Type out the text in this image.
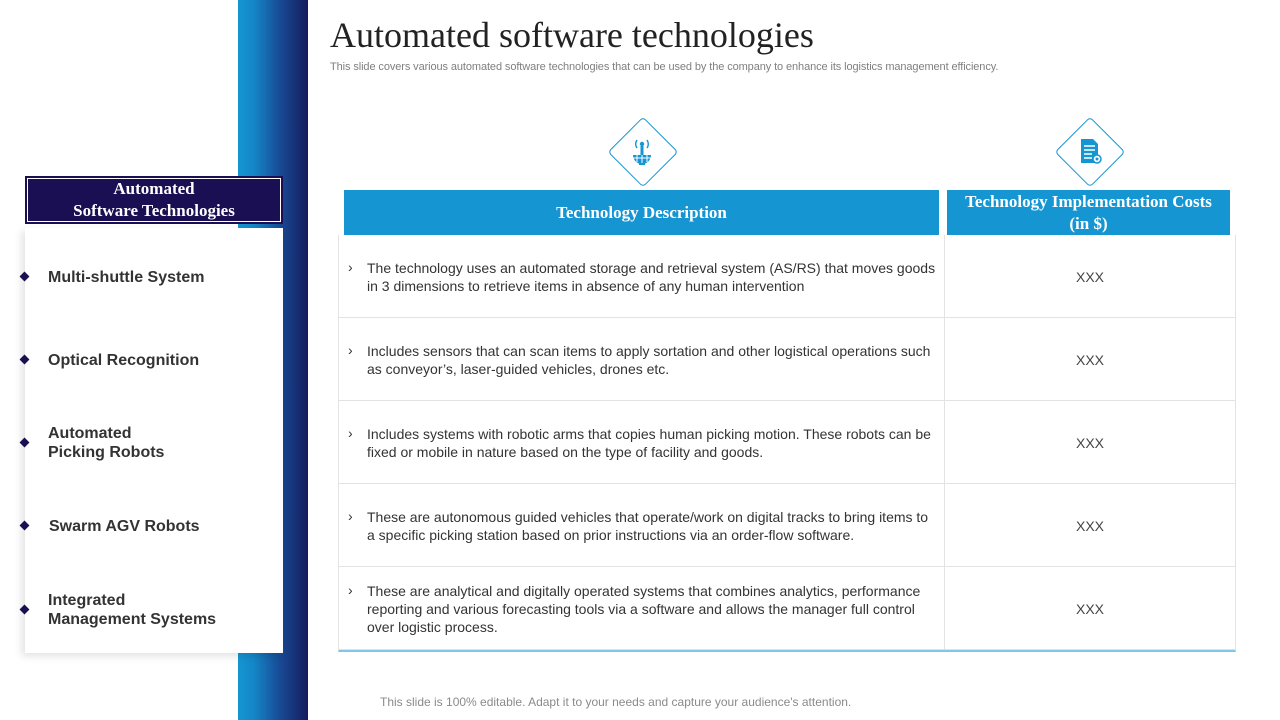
Automated software technologies
This slide covers various automated software technologies that can be used by the company to enhance its logistics management efficiency.
Automated
Software Technologies
Multi-shuttle System
Optical Recognition
Automated
Picking Robots
Swarm AGV Robots
Integrated
Management Systems
Technology Description
Technology Implementation Costs (in $)
› The technology uses an automated storage and retrieval system (AS/RS) that moves goods in 3 dimensions to retrieve items in absence of any human intervention
XXX
› Includes sensors that can scan items to apply sortation and other logistical operations such as conveyor’s, laser-guided vehicles, drones etc.
XXX
› Includes systems with robotic arms that copies human picking motion. These robots can be fixed or mobile in nature based on the type of facility and goods.
XXX
› These are autonomous guided vehicles that operate/work on digital tracks to bring items to a specific picking station based on prior instructions via an order-flow software.
XXX
› These are analytical and digitally operated systems that combines analytics, performance reporting and various forecasting tools via a software and allows the manager full control over logistic process.
XXX
This slide is 100% editable. Adapt it to your needs and capture your audience's attention.
